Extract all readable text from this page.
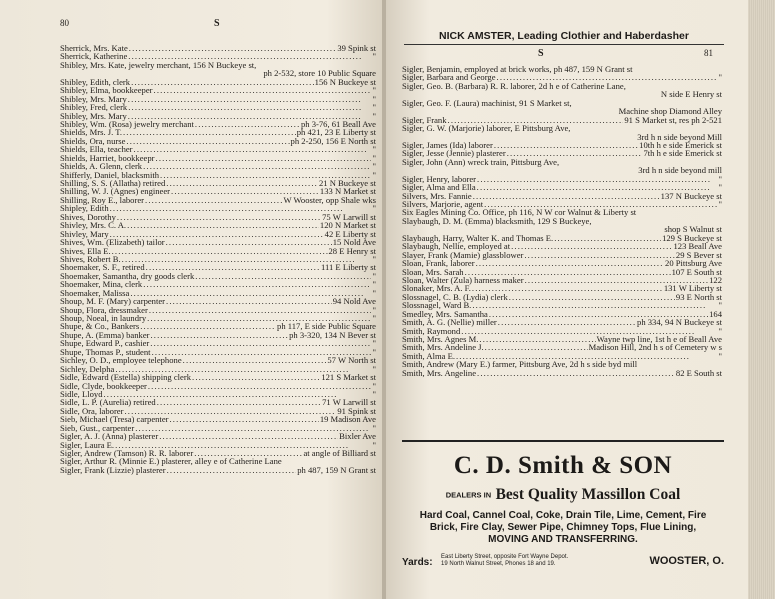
80	S
Sherrick, Mrs. Kate . . .	39 Spink st
Sherrick, Katherine . . .	"
Shibley, Mrs. Kate, jewelry merchant, 156 N Buckeye st,
ph 2-532, store 10 Public Square
Shibley, Edith, clerk . . .	156 N Buckeye st
Shibley, Elma, bookkeeper . . .	"
Shibley, Mrs. Mary . . .	"
Shibley, Fred, clerk . . .	"
Shibley, Mrs. Mary . . .	"
Shibley, Wm. (Rosa) jewelry merchant . . .	ph 3-76, 61 Beall Ave
Shields, Mrs. J. T. . . .	ph 421, 23 E Liberty st
Shields, Ora, nurse . . .	ph 2-250, 156 E North st
Shields, Ella, teacher . . .	"
Shields, Harriet, bookkeepr . . .	"
Shields, A. Glenn, clerk . . .	"
Shifferly, Daniel, blacksmith . . .	"
Shilling, S. S. (Allatha) retired . . .	21 N Buckeye st
Shilling, W. J. (Agnes) engineer . . .	133 N Market st
Shilling, Roy E., laborer . . .	W Wooster, opp Shale wks
Shipley, Edith . . .	"
Shives, Dorothy . . .	75 W Larwill st
Shivley, Mrs. C. A. . . .	120 N Market st
Shivley, Mary . . .	42 E Liberty st
Shives, Wm. (Elizabeth) tailor . . .	15 Nold Ave
Shives, Ella E. . . .	28 E Henry st
Shives, Robert B. . . .	"
Shoemaker, S. F., retired . . .	111 E Liberty st
Shoemaker, Samantha, dry goods clerk . . .	"
Shoemaker, Mina, clerk . . .	"
Shoemaker, Malissa . . .	"
Shoup, M. F. (Mary) carpenter . . .	94 Nold Ave
Shoup, Flora, dressmaker . . .	"
Shoup, Noeal, in laundry . . .	"
Shupe, & Co., Bankers . . .	ph 117, E side Public Square
Shupe, A. (Emma) banker . . .	ph 3-320, 134 N Bever st
Shupe, Edward P., cashier . . .	"
Shupe, Thomas P., student . . .	"
Sichley, O. D., employee telephone . . .	57 W North st
Sichley, Delpha . . .	"
Sidle, Edward (Estella) shipping clerk . . .	121 S Market st
Sidle, Clyde, bookkeeper . . .	"
Sidle, Lloyd . . .	"
Sidle, L. P. (Aurelia) retired . . .	71 W Larwill st
Sidle, Ora, laborer . . .	91 Spink st
Sieb, Michael (Tresa) carpenter . . .	19 Madison Ave
Sieb, Gust., carpenter . . .	"
Sigler, A. J. (Anna) plasterer . . .	Bixler Ave
Sigler, Laura E. . . .	"
Sigler, Andrew (Tamson) R. R. laborer . . .	at angle of Billiard st
Sigler, Arthur R. (Minnie E.) plasterer, alley e of Catherine Lane
Sigler, Frank (Lizzie) plasterer . . .	ph 487, 159 N Grant st
NICK AMSTER, Leading Clothier and Haberdasher
S	81
Sigler, Benjamin, employed at brick works, ph 487, 159 N Grant st
Sigler, Barbara and George . . .	"
Sigler, Geo. B. (Barbara) R. R. laborer, 2d h e of Catherine Lane,
N side E Henry st
Sigler, Geo. F. (Laura) machinist, 91 S Market st,
Machine shop Diamond Alley
Sigler, Frank . . .	91 S Market st, res ph 2-521
Sigler, G. W. (Marjorie) laborer, E Pittsburg Ave,
3rd h n side beyond Mill
Sigler, James (Ida) laborer . . .	10th h e side Emerick st
Sigler, Jesse (Jennie) plasterer . . .	7th h e side Emerick st
Sigler, John (Ann) wreck train, Pittsburg Ave,
3rd h n side beyond mill
Sigler, Henry, laborer . . .	"
Sigler, Alma and Ella . . .	"
Silvers, Mrs. Fannie . . .	137 N Buckeye st
Silvers, Marjorie, agent . . .	"
Six Eagles Mining Co. Office, ph 116, N W cor Walnut & Liberty st
Slaybaugh, D. M. (Emma) blacksmith, 129 S Buckeye,
shop S Walnut st
Slaybaugh, Harry, Walter K. and Thomas E. . . .	129 S Buckeye st
Slaybaugh, Nellie, employed at . . .	123 Beall Ave
Slayer, Frank (Mamie) glassblower . . .	29 S Bever st
Sloan, Frank, laborer . . .	20 Pittsburg Ave
Sloan, Mrs. Sarah . . .	107 E South st
Sloan, Walter (Zula) harness maker . . .	122
Slonaker, Mrs. A. F. . . .	131 W Liberty st
Slossnagel, C. B. (Lydia) clerk . . .	93 E North st
Slossnagel, Ward B. . . .	"
Smedley, Mrs. Samantha . . .	164
Smith, A. G. (Nellie) miller . . .	ph 334, 94 N Buckeye st
Smith, Raymond . . .	"
Smith, Mrs. Agnes M. . . .	Wayne twp line, 1st h e of Beall Ave
Smith, Mrs. Andeline J. . . .	Madison Hill, 2nd h s of Cemetery w s
Smith, Alma E. . . .	"
Smith, Andrew (Mary E.) farmer, Pittsburg Ave, 2d h s side byd mill
Smith, Mrs. Angeline . . .	82 E South st
C. D. Smith & SON
DEALERS IN Best Quality Massillon Coal
Hard Coal, Cannel Coal, Coke, Drain Tile, Lime, Cement, Fire
Brick, Fire Clay, Sewer Pipe, Chimney Tops, Flue Lining,
MOVING AND TRANSFERRING.
Yards: East Liberty Street, opposite Fort Wayne Depot.
19 North Walnut Street, Phones 18 and 19.	WOOSTER, O.
